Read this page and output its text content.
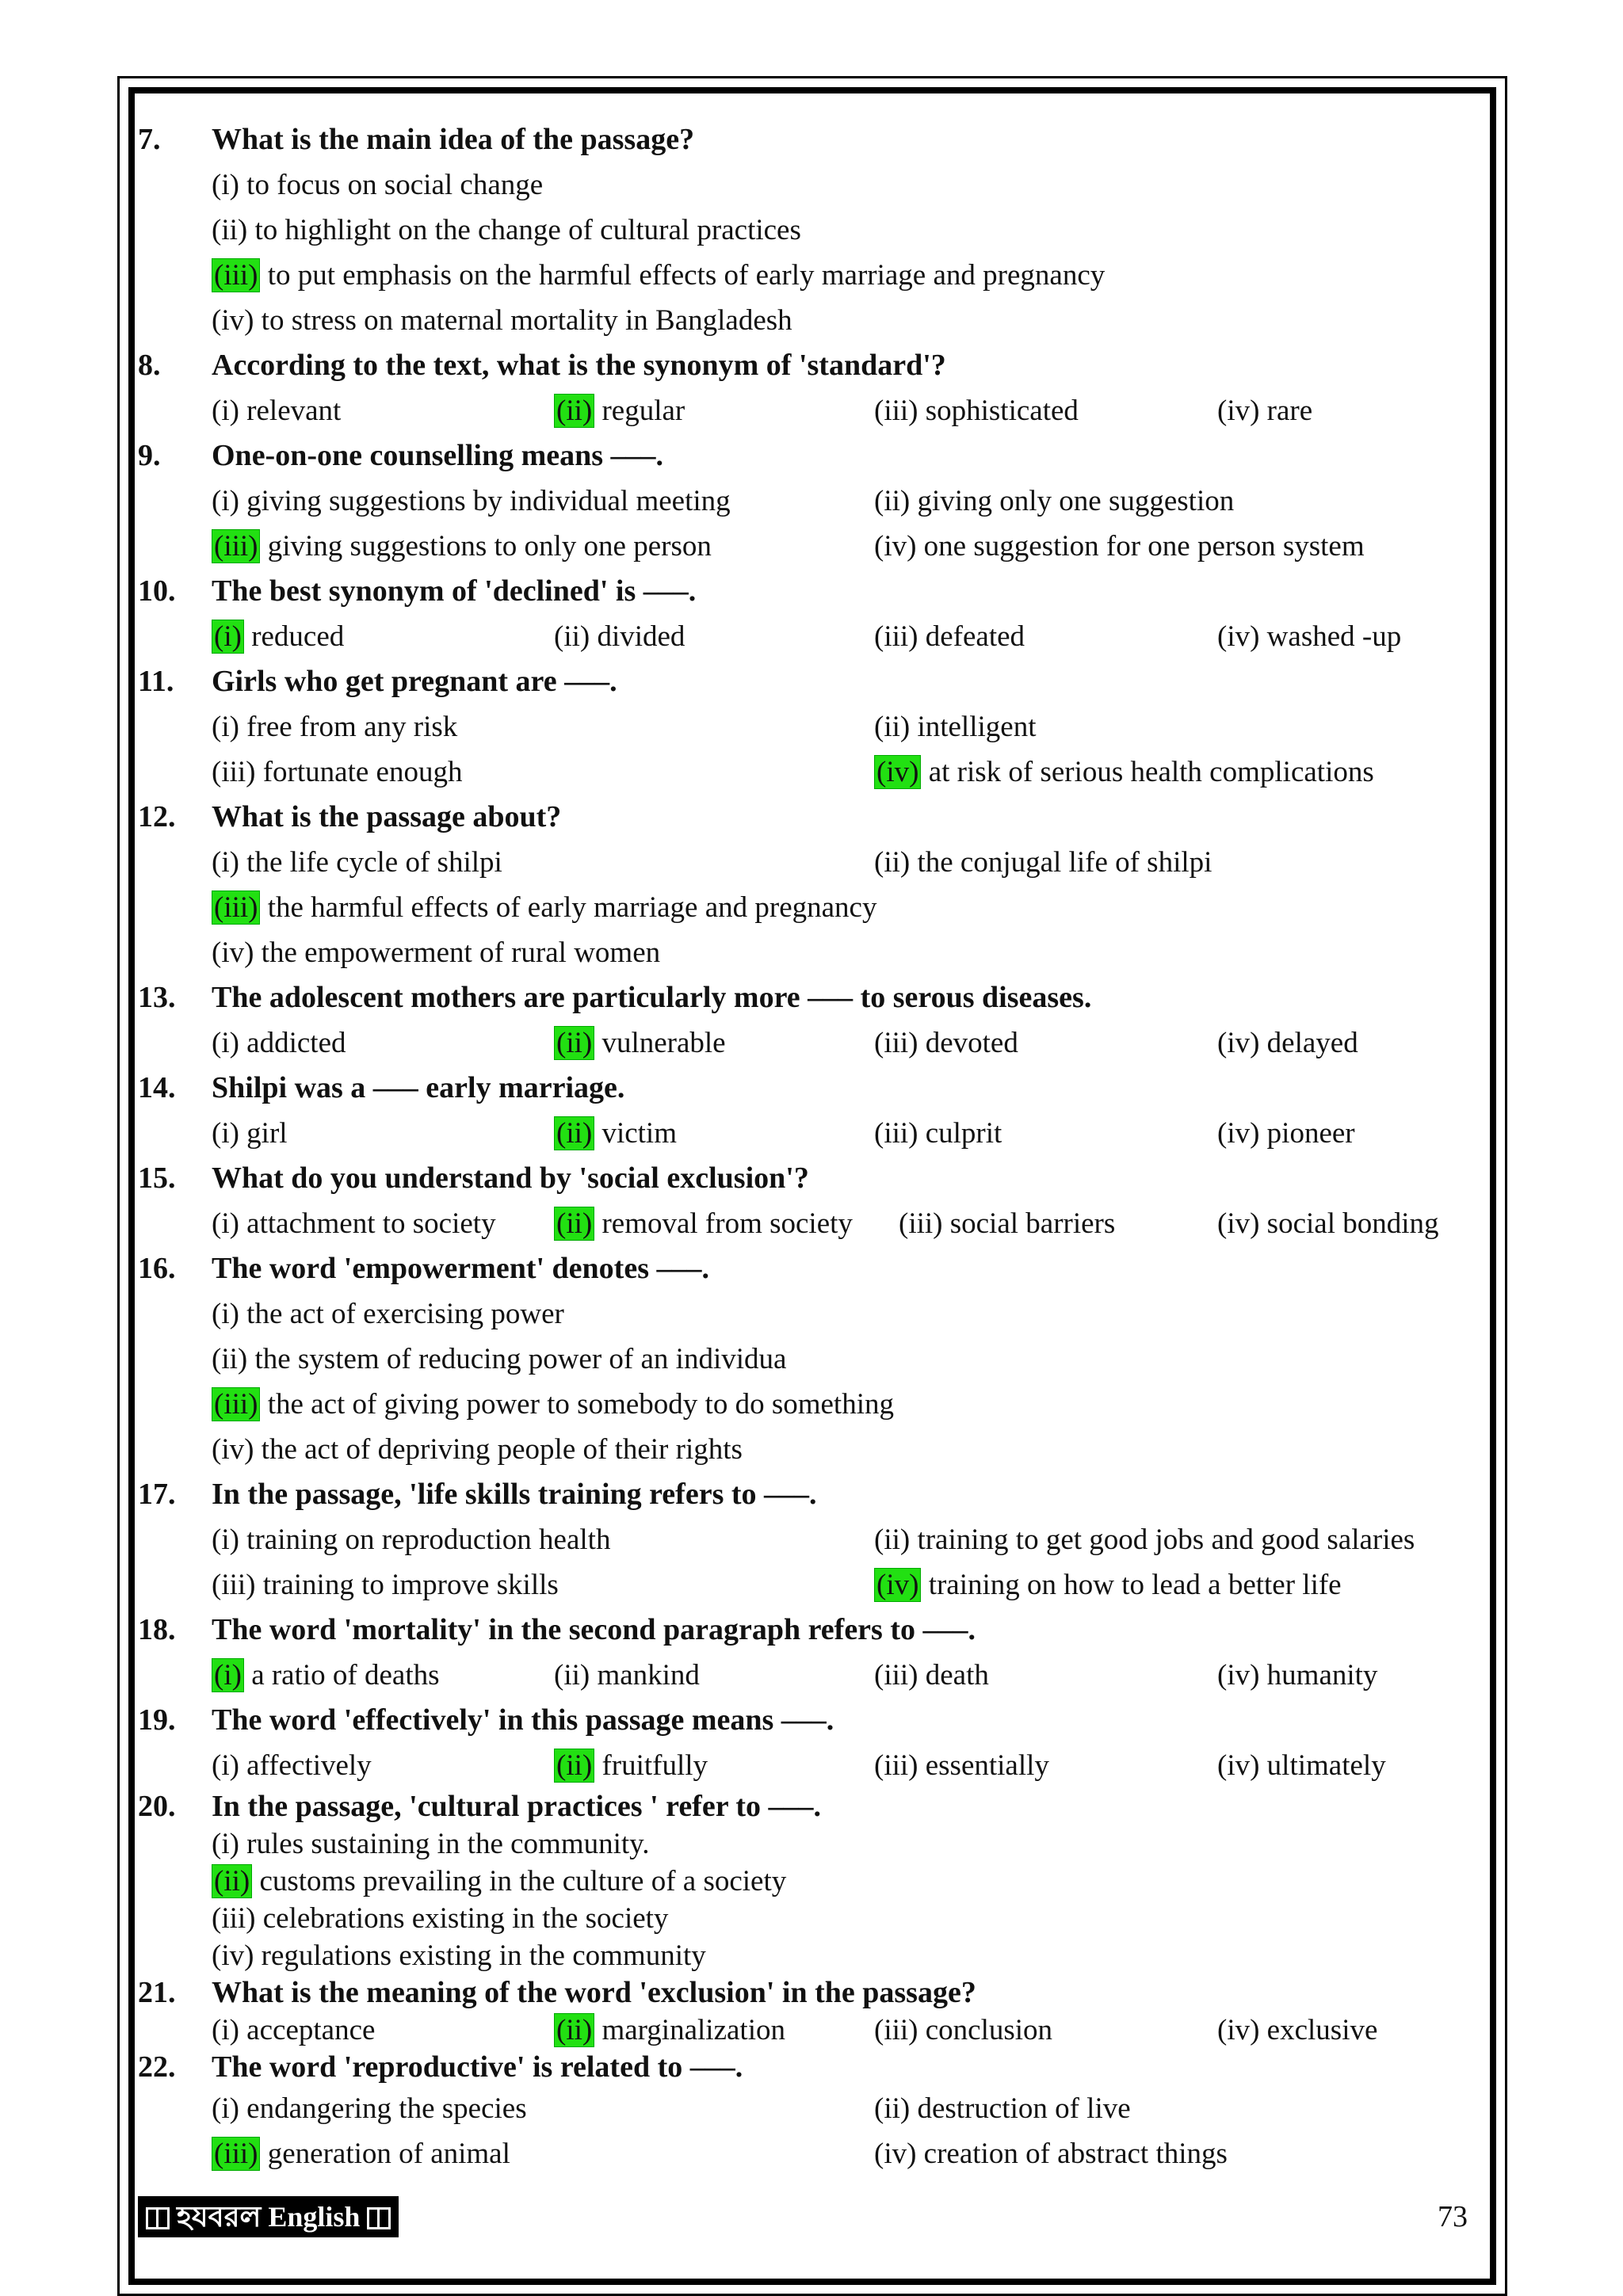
7. What is the main idea of the passage?
(i) to focus on social change
(ii) to highlight on the change of cultural practices
(iii) to put emphasis on the harmful effects of early marriage and pregnancy
(iv) to stress on maternal mortality in Bangladesh
8. According to the text, what is the synonym of 'standard'?
(i) relevant	(ii) regular	(iii) sophisticated	(iv) rare
9. One-on-one counselling means –––.
(i) giving suggestions by individual meeting	(ii) giving only one suggestion
(iii) giving suggestions to only one person	(iv) one suggestion for one person system
10. The best synonym of 'declined' is –––.
(i) reduced	(ii) divided	(iii) defeated	(iv) washed -up
11. Girls who get pregnant are –––.
(i) free from any risk	(ii) intelligent
(iii) fortunate enough	(iv) at risk of serious health complications
12. What is the passage about?
(i) the life cycle of shilpi	(ii) the conjugal life of shilpi
(iii) the harmful effects of early marriage and pregnancy
(iv) the empowerment of rural women
13. The adolescent mothers are particularly more ––– to serous diseases.
(i) addicted	(ii) vulnerable	(iii) devoted	(iv) delayed
14. Shilpi was a ––– early marriage.
(i) girl	(ii) victim	(iii) culprit	(iv) pioneer
15. What do you understand by 'social exclusion'?
(i) attachment to society (ii) removal from society (iii) social barriers	(iv) social bonding
16. The word 'empowerment' denotes –––.
(i) the act of exercising power
(ii) the system of reducing power of an individua
(iii) the act of giving power to somebody to do something
(iv) the act of depriving people of their rights
17. In the passage, 'life skills training refers to –––.
(i) training on reproduction health	(ii) training to get good jobs and good salaries
(iii) training to improve skills	(iv) training on how to lead a better life
18. The word 'mortality' in the second paragraph refers to –––.
(i) a ratio of deaths	(ii) mankind	(iii) death	(iv) humanity
19. The word 'effectively' in this passage means –––.
(i) affectively	(ii) fruitfully	(iii) essentially	(iv) ultimately
20. In the passage, 'cultural practices ' refer to –––.
(i) rules sustaining in the community.
(ii) customs prevailing in the culture of a society
(iii) celebrations existing in the society
(iv) regulations existing in the community
21. What is the meaning of the word 'exclusion' in the passage?
(i) acceptance	(ii) marginalization	(iii) conclusion	(iv) exclusive
22. The word 'reproductive' is related to –––.
(i) endangering the species	(ii) destruction of live
(iii) generation of animal	(iv) creation of abstract things
হযবরল English	73
